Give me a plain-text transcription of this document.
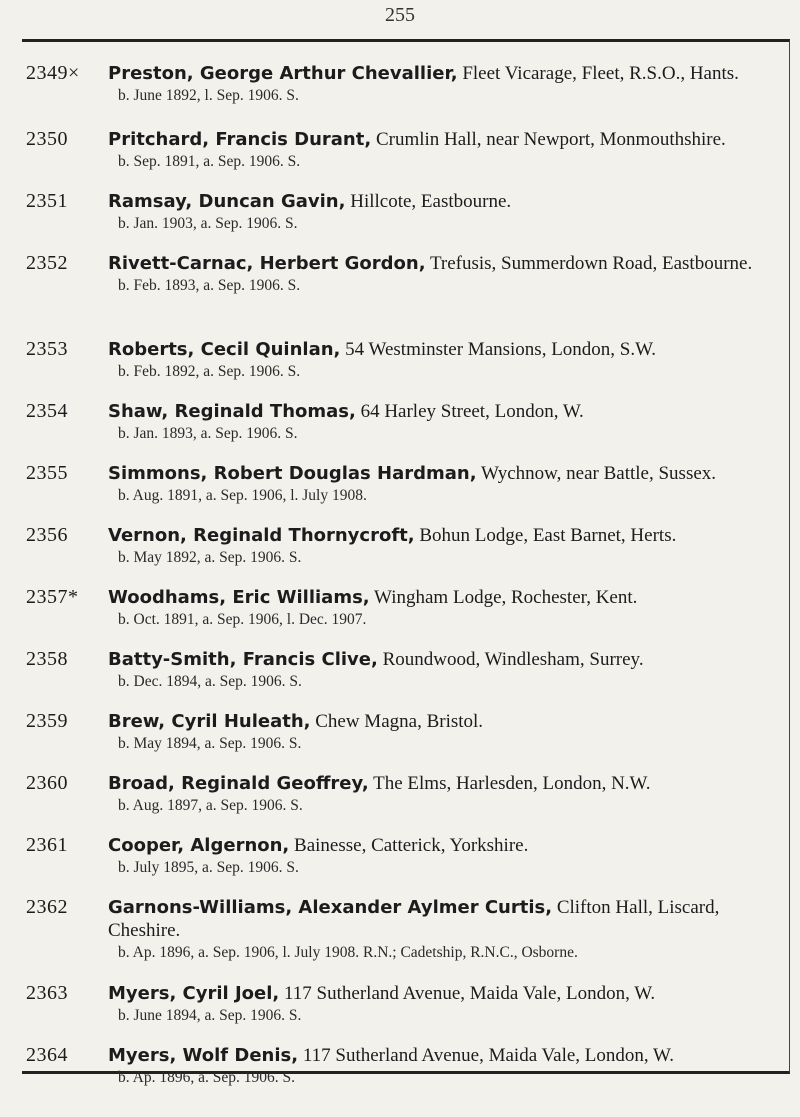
255
2349×	Preston, George Arthur Chevallier, Fleet Vicarage, Fleet, R.S.O., Hants.
b. June 1892, l. Sep. 1906. S.
2350	Pritchard, Francis Durant, Crumlin Hall, near Newport, Monmouthshire.
b. Sep. 1891, a. Sep. 1906. S.
2351	Ramsay, Duncan Gavin, Hillcote, Eastbourne.
b. Jan. 1903, a. Sep. 1906. S.
2352	Rivett-Carnac, Herbert Gordon, Trefusis, Summerdown Road, Eastbourne.
b. Feb. 1893, a. Sep. 1906. S.
2353	Roberts, Cecil Quinlan, 54 Westminster Mansions, London, S.W.
b. Feb. 1892, a. Sep. 1906. S.
2354	Shaw, Reginald Thomas, 64 Harley Street, London, W.
b. Jan. 1893, a. Sep. 1906. S.
2355	Simmons, Robert Douglas Hardman, Wychnow, near Battle, Sussex.
b. Aug. 1891, a. Sep. 1906, l. July 1908.
2356	Vernon, Reginald Thornycroft, Bohun Lodge, East Barnet, Herts.
b. May 1892, a. Sep. 1906. S.
2357*	Woodhams, Eric Williams, Wingham Lodge, Rochester, Kent.
b. Oct. 1891, a. Sep. 1906, l. Dec. 1907.
2358	Batty-Smith, Francis Clive, Roundwood, Windlesham, Surrey.
b. Dec. 1894, a. Sep. 1906. S.
2359	Brew, Cyril Huleath, Chew Magna, Bristol.
b. May 1894, a. Sep. 1906. S.
2360	Broad, Reginald Geoffrey, The Elms, Harlesden, London, N.W.
b. Aug. 1897, a. Sep. 1906. S.
2361	Cooper, Algernon, Bainesse, Catterick, Yorkshire.
b. July 1895, a. Sep. 1906. S.
2362	Garnons-Williams, Alexander Aylmer Curtis, Clifton Hall, Liscard, Cheshire.
b. Ap. 1896, a. Sep. 1906, l. July 1908. R.N.; Cadetship, R.N.C., Osborne.
2363	Myers, Cyril Joel, 117 Sutherland Avenue, Maida Vale, London, W.
b. June 1894, a. Sep. 1906. S.
2364	Myers, Wolf Denis, 117 Sutherland Avenue, Maida Vale, London, W.
b. Ap. 1896, a. Sep. 1906. S.
